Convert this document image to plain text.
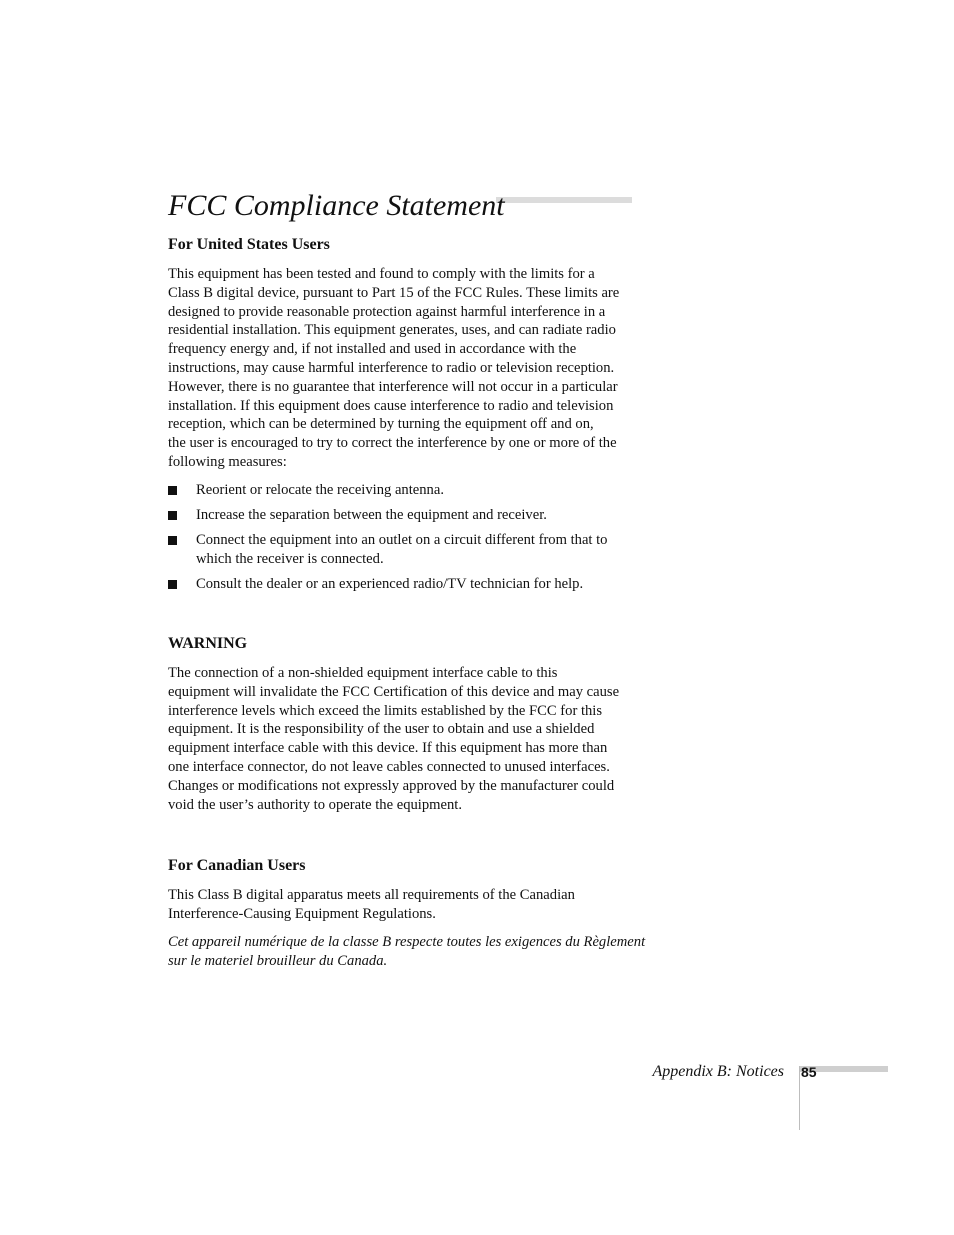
FCC Compliance Statement
For United States Users

This equipment has been tested and found to comply with the limits for a
Class B digital device, pursuant to Part 15 of the FCC Rules. These limits are
designed to provide reasonable protection against harmful interference in a
residential installation. This equipment generates, uses, and can radiate radio
frequency energy and, if not installed and used in accordance with the
instructions, may cause harmful interference to radio or television reception.
However, there is no guarantee that interference will not occur in a particular
installation. If this equipment does cause interference to radio and television
reception, which can be determined by turning the equipment off and on,
the user is encouraged to try to correct the interference by one or more of the
following measures:

Reorient or relocate the receiving antenna.
Increase the separation between the equipment and receiver.
Connect the equipment into an outlet on a circuit different from that to
which the receiver is connected.
Consult the dealer or an experienced radio/TV technician for help.
WARNING

The connection of a non-shielded equipment interface cable to this
equipment will invalidate the FCC Certification of this device and may cause
interference levels which exceed the limits established by the FCC for this
equipment. It is the responsibility of the user to obtain and use a shielded
equipment interface cable with this device. If this equipment has more than
one interface connector, do not leave cables connected to unused interfaces.
Changes or modifications not expressly approved by the manufacturer could
void the user’s authority to operate the equipment.

For Canadian Users

This Class B digital apparatus meets all requirements of the Canadian
Interference-Causing Equipment Regulations.

Cet appareil numérique de la classe B respecte toutes les exigences du Règlement
sur le materiel brouilleur du Canada.

Appendix B: Notices 85
